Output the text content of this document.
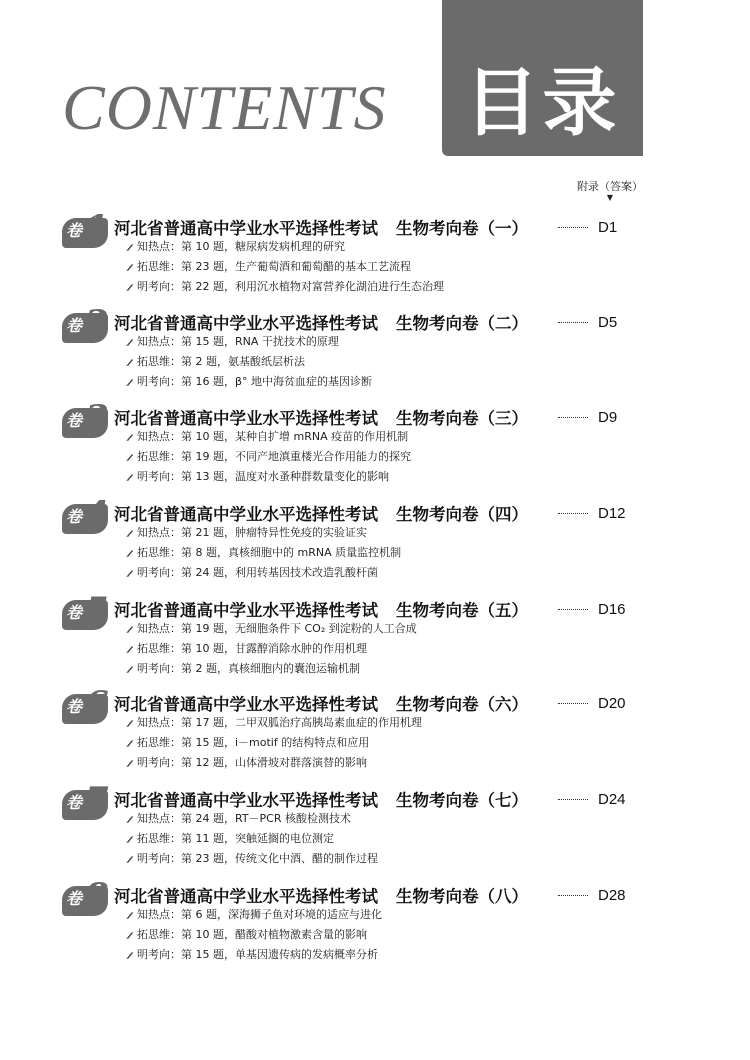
CONTENTS	目录
附录（答案）
▼
卷 1 河北省普通高中学业水平选择性考试 生物考向卷（一）	D1
知热点：第 10 题，糖尿病发病机理的研究
拓思维：第 23 题，生产葡萄酒和葡萄醋的基本工艺流程
明考向：第 22 题，利用沉水植物对富营养化湖泊进行生态治理
卷 2 河北省普通高中学业水平选择性考试 生物考向卷（二）	D5
知热点：第 15 题，RNA 干扰技术的原理
拓思维：第 2 题，氨基酸纸层析法
明考向：第 16 题，β° 地中海贫血症的基因诊断
卷 3 河北省普通高中学业水平选择性考试 生物考向卷（三）	D9
知热点：第 10 题，某种自扩增 mRNA 疫苗的作用机制
拓思维：第 19 题，不同产地滇重楼光合作用能力的探究
明考向：第 13 题，温度对水蚤种群数量变化的影响
卷 4 河北省普通高中学业水平选择性考试 生物考向卷（四）	D12
知热点：第 21 题，肿瘤特异性免疫的实验证实
拓思维：第 8 题，真核细胞中的 mRNA 质量监控机制
明考向：第 24 题，利用转基因技术改造乳酸杆菌
卷 5 河北省普通高中学业水平选择性考试 生物考向卷（五）	D16
知热点：第 19 题，无细胞条件下 CO₂ 到淀粉的人工合成
拓思维：第 10 题，甘露醇消除水肿的作用机理
明考向：第 2 题，真核细胞内的囊泡运输机制
卷 6 河北省普通高中学业水平选择性考试 生物考向卷（六）	D20
知热点：第 17 题，二甲双胍治疗高胰岛素血症的作用机理
拓思维：第 15 题，i－motif 的结构特点和应用
明考向：第 12 题，山体滑坡对群落演替的影响
卷 7 河北省普通高中学业水平选择性考试 生物考向卷（七）	D24
知热点：第 24 题，RT－PCR 核酸检测技术
拓思维：第 11 题，突触延搁的电位测定
明考向：第 23 题，传统文化中酒、醋的制作过程
卷 8 河北省普通高中学业水平选择性考试 生物考向卷（八）	D28
知热点：第 6 题，深海狮子鱼对环境的适应与进化
拓思维：第 10 题，醋酸对植物激素含量的影响
明考向：第 15 题，单基因遗传病的发病概率分析
